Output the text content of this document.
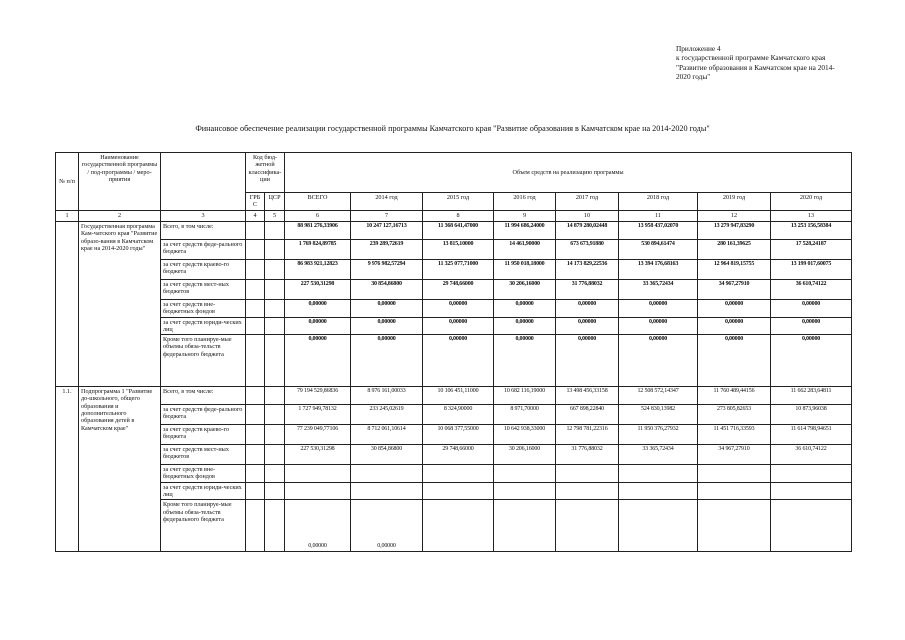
Приложение 4
к государственной программе Камчатского края
"Развитие образования в Камчатском крае на 2014-
2020 годы"
Финансовое обеспечение реализации государственной программы Камчатского края "Развитие образования в Камчатском крае на 2014-2020 годы"
№ п/п	Наименование государственной программы / под-программы / меро-приятия		Код бюд-жетной классифика-ции		Объем средств на реализацию программы							
			ГРБ С	ЦСР	ВСЕГО	2014 год	2015 год	2016 год	2017 год	2018 год	2019 год	2020 год
1	2	3	4	5	6	7	8	9	10	11	12	13
	Государственная программа Кам-чатского края "Развитие образо-вания в Камчатском крае на 2014-2020 годы"	Всего, в том числе:			88 981 276,33906	10 247 127,16713	11 368 641,47000	11 994 686,24000	14 879 280,02448	13 958 437,02070	13 279 947,83290	13 253 156,58384
		за счет средств феде-рального бюджета			1 769 824,89785	239 289,72619	13 815,10000	14 461,90000	673 673,91880	530 894,61474	280 161,39625	17 528,24187
		за счет средств краево-го бюджета			86 983 921,12823	9 976 982,57294	11 325 077,71000	11 950 018,18000	14 173 829,22536	13 394 176,68163	12 964 819,15755	13 199 017,60075
		за счет средств мест-ных бюджетов			227 530,31298	30 854,86800	29 748,66000	30 206,16000	31 776,88032	33 365,72434	34 967,27910	36 610,74122
		за счет средств вне-бюджетных фондов			0,00000	0,00000	0,00000	0,00000	0,00000	0,00000	0,00000	0,00000
		за счет средств юриди-ческих лиц			0,00000	0,00000	0,00000	0,00000	0,00000	0,00000	0,00000	0,00000
		Кроме того планируе-мые объемы обяза-тельств федерального бюджета			0,00000	0,00000	0,00000	0,00000	0,00000	0,00000	0,00000	0,00000
1.1.	Подпрограмма 1 "Развитие до-школьного, общего образования и дополнительного образования детей в Камчатском крае"	Всего, в том числе:			79 194 529,86836	8 976 161,00033	10 106 451,11000	10 682 116,19000	13 498 456,33158	12 508 572,14347	11 760 489,44156	11 662 283,64811
		за счет средств феде-рального бюджета			1 727 949,78132	233 245,02619	8 324,90000	8 971,70000	667 898,22840	524 830,13982	273 805,82653	10 873,96038
		за счет средств краево-го бюджета			77 239 049,77106	8 712 061,10614	10 068 377,55000	10 642 938,33000	12 798 781,22316	11 950 376,27932	11 451 716,33593	11 614 798,94651
		за счет средств мест-ных бюджетов			227 530,31298	30 854,86800	29 748,66000	30 206,16000	31 776,88032	33 365,72434	34 967,27910	36 610,74122
		за счет средств вне-бюджетных фондов										
		за счет средств юриди-ческих лиц										
		Кроме того планируе-мые объемы обяза-тельств федерального бюджета			0,00000	0,00000						
